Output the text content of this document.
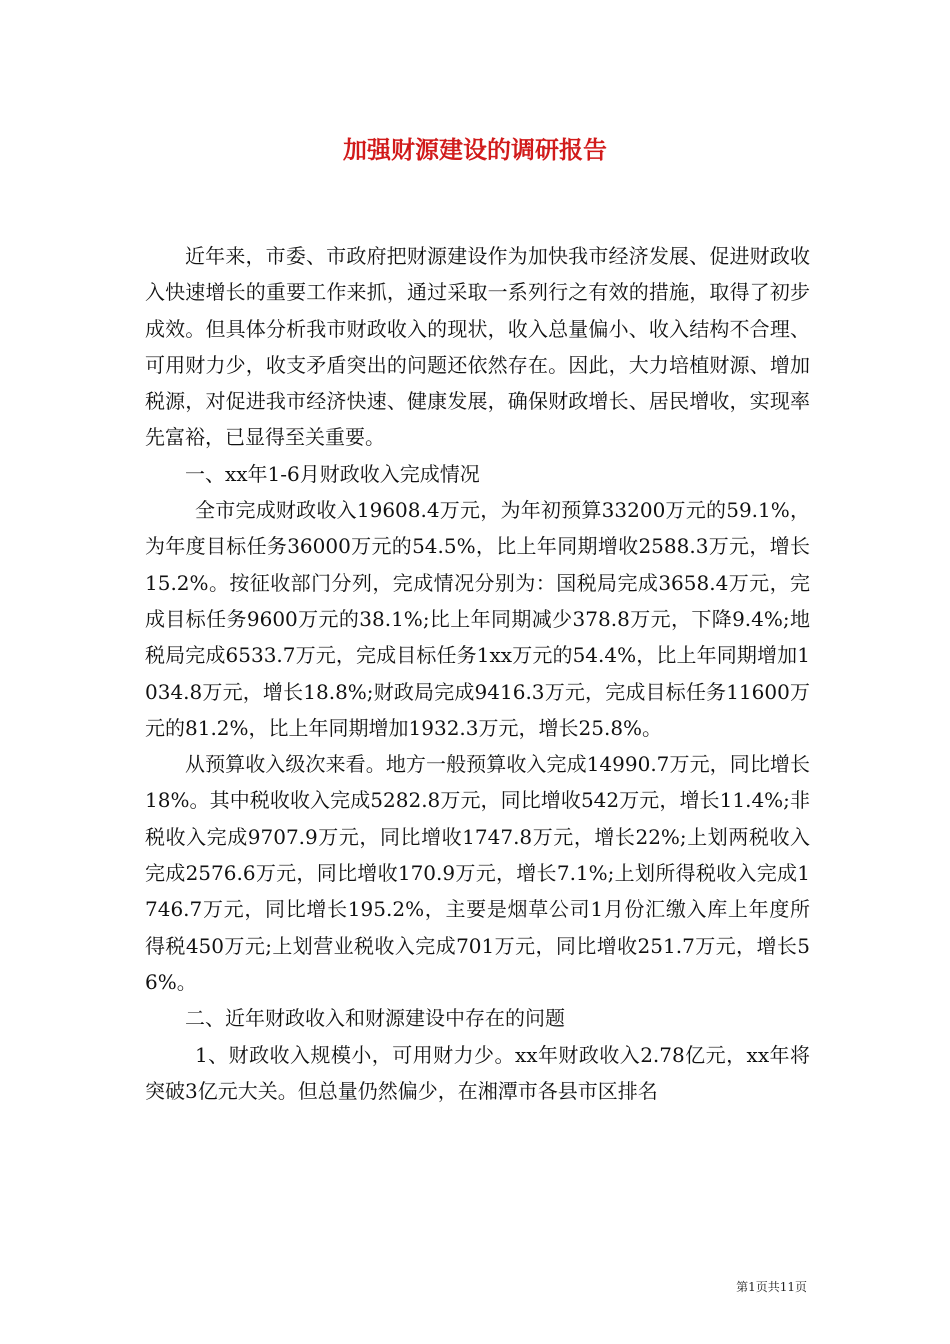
加强财源建设的调研报告

近年来，市委、市政府把财源建设作为加快我市经济发展、促进财政收入快速增长的重要工作来抓，通过采取一系列行之有效的措施，取得了初步成效。但具体分析我市财政收入的现状，收入总量偏小、收入结构不合理、可用财力少，收支矛盾突出的问题还依然存在。因此，大力培植财源、增加税源，对促进我市经济快速、健康发展，确保财政增长、居民增收，实现率先富裕，已显得至关重要。

一、xx年1-6月财政收入完成情况

全市完成财政收入19608.4万元，为年初预算33200万元的59.1%，为年度目标任务36000万元的54.5%，比上年同期增收2588.3万元，增长15.2%。按征收部门分列，完成情况分别为：国税局完成3658.4万元，完成目标任务9600万元的38.1%;比上年同期减少378.8万元，下降9.4%;地税局完成6533.7万元，完成目标任务1xx万元的54.4%，比上年同期增加1034.8万元，增长18.8%;财政局完成9416.3万元，完成目标任务11600万元的81.2%，比上年同期增加1932.3万元，增长25.8%。

从预算收入级次来看。地方一般预算收入完成14990.7万元，同比增长18%。其中税收收入完成5282.8万元，同比增收542万元，增长11.4%;非税收入完成9707.9万元，同比增收1747.8万元，增长22%;上划两税收入完成2576.6万元，同比增收170.9万元，增长7.1%;上划所得税收入完成1746.7万元，同比增长195.2%，主要是烟草公司1月份汇缴入库上年度所得税450万元;上划营业税收入完成701万元，同比增收251.7万元，增长56%。

二、近年财政收入和财源建设中存在的问题

1、财政收入规模小，可用财力少。xx年财政收入2.78亿元，xx年将突破3亿元大关。但总量仍然偏少，在湘潭市各县市区排名

第1页共11页
